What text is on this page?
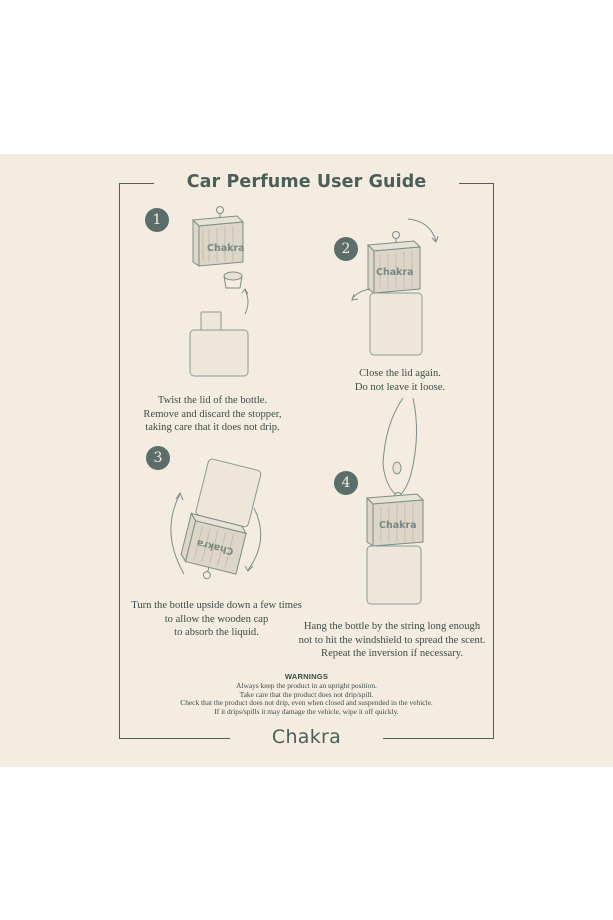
Car Perfume User Guide
1
2
3
4
Chakra
Chakra
Chakra
Chakra
Twist the lid of the bottle.
Remove and discard the stopper,
taking care that it does not drip.
Close the lid again.
Do not leave it loose.
Turn the bottle upside down a few times
to allow the wooden cap
to absorb the liquid.
Hang the bottle by the string long enough
not to hit the windshield to spread the scent.
Repeat the inversion if necessary.
WARNINGS
Always keep the product in an upright position.
Take care that the product does not drip/spill.
Check that the product does not drip, even when closed and suspended in the vehicle.
If it drips/spills it may damage the vehicle, wipe it off quickly.
Chakra
